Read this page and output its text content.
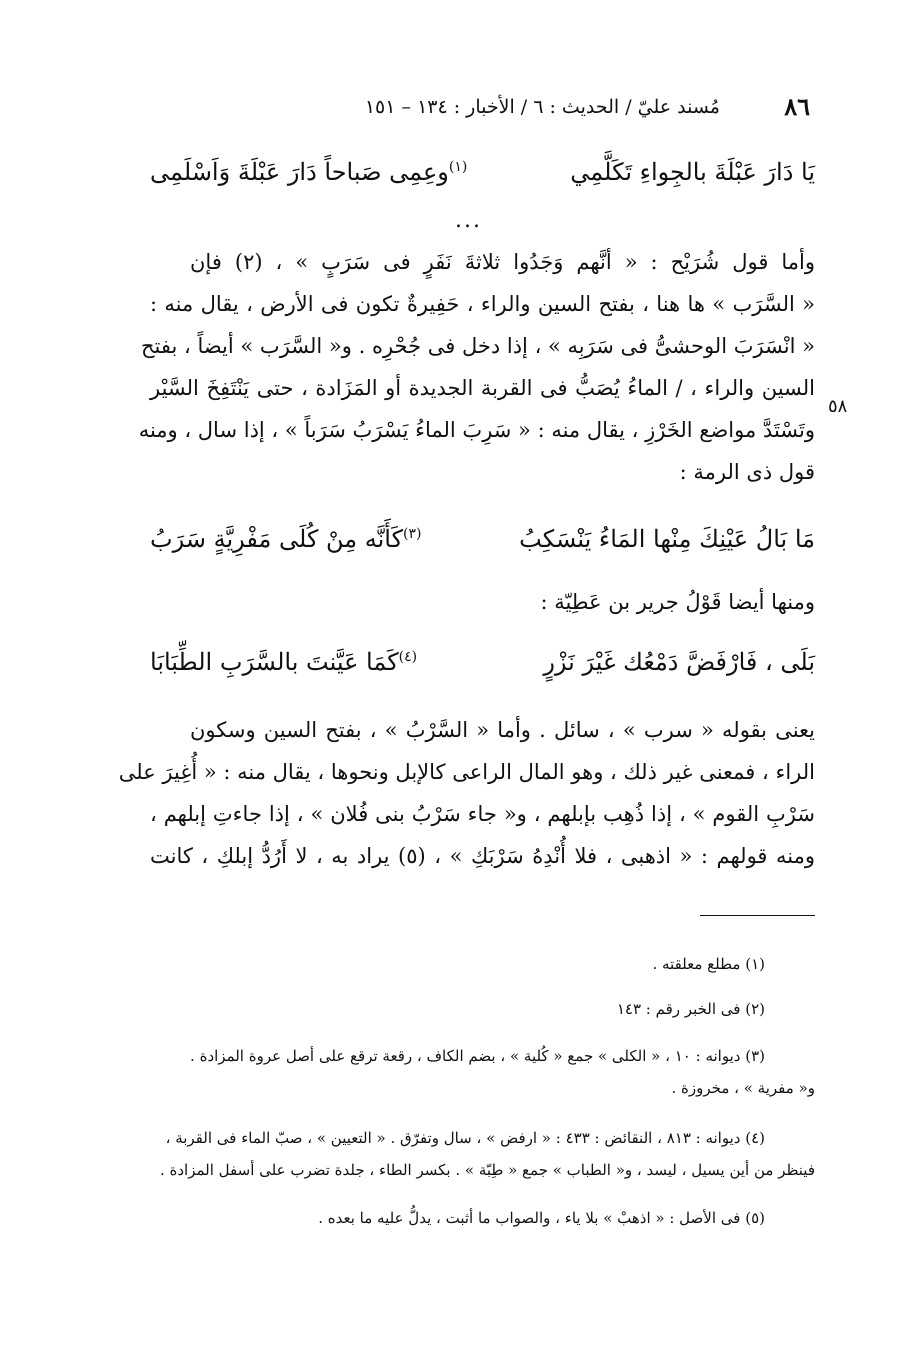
٨٦
مُسند عليّ / الحديث : ٦ / الأخبار : ١٣٤ – ١٥١
يَا دَارَ عَبْلَةَ بالجِواءِ تَكَلَّمِي
$^{(١)}$وعِمِى صَباحاً دَارَ عَبْلَةَ وَاَسْلَمِى
...
وأما قول شُرَيْح : « أنَّهم وَجَدُوا ثلاثةَ نَفَرٍ فى سَرَبٍ » ، (٢) فإن
« السَّرَب » ها هنا ، بفتح السين والراء ، حَفِيرةٌ تكون فى الأرض ، يقال منه :
« انْسَرَبَ الوحشىُّ فى سَرَبِه » ، إذا دخل فى جُحْرِه . و« السَّرَب » أيضاً ، بفتح
السين والراء ، / الماءُ يُصَبُّ فى القربة الجديدة أو المَزَادة ، حتى يَنْتَفِخَ السَّيْر
وتَسْتَدَّ مواضع الخَرْزِ ، يقال منه : « سَرِبَ الماءُ يَسْرَبُ سَرَباً » ، إذا سال ، ومنه
قول ذى الرمة :
٥٨
مَا بَالُ عَيْنِكَ مِنْها المَاءُ يَنْسَكِبُ
$^{(٣)}$كَأَنَّه مِنْ كُلَى مَفْرِيَّةٍ سَرَبُ
ومنها أيضا قَوْلُ جرير بن عَطِيّة :
بَلَى ، فَارْفَضَّ دَمْعُك غَيْرَ نَزْرٍ
$^{(٤)}$كَمَا عَيَّنتَ بالسَّرَبِ الطِّبَابَا
يعنى بقوله « سرب » ، سائل . وأما « السَّرْبُ » ، بفتح السين وسكون
الراء ، فمعنى غير ذلك ، وهو المال الراعى كالإبل ونحوها ، يقال منه : « أُغِيرَ على
سَرْبِ القوم » ، إذا ذُهِب بإبلهم ، و« جاء سَرْبُ بنى فُلان » ، إذا جاءتِ إبلهم ،
ومنه قولهم : « اذهبى ، فلا أُنْدِهُ سَرْبَكِ » ، (٥) يراد به ، لا أَرُدُّ إبلكِ ، كانت
(١) مطلع معلقته .
(٢) فى الخبر رقم : ١٤٣
(٣) ديوانه : ١٠ ، « الكلى » جمع « كُلية » ، بضم الكاف ، رقعة ترقع على أصل عروة المزادة .
و« مفرية » ، مخروزة .
(٤) ديوانه : ٨١٣ ، النقائض : ٤٣٣ : « ارفض » ، سال وتفرّق . « التعيين » ، صبّ الماء فى القربة ،
فينظر من أين يسيل ، ليسد ، و« الطباب » جمع « طِبّة » . بكسر الطاء ، جلدة تضرب على أسفل المزادة .
(٥) فى الأصل : « اذهبْ » بلا ياء ، والصواب ما أثبت ، يدلُّ عليه ما بعده .
